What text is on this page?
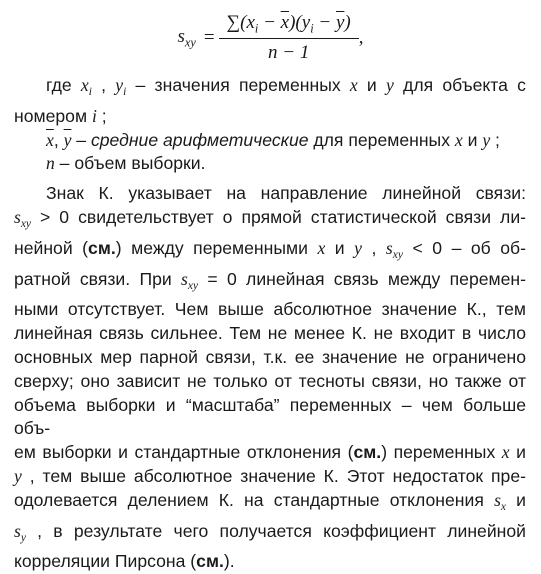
$s_{xy} = \frac{\sum(x_i - \overline{x})(y_i - \overline{y})}{n - 1}$ ,

где $x_i$ , $y_i$ – значения переменных x и y для объекта с

номером i ;

$\overline{x}$, $\overline{y}$ – средние арифметические для переменных x и y ;

n – объем выборки.

Знак К. указывает на направление линейной связи:

$s_{xy} > 0$ свидетельствует о прямой статистической связи ли-

нейной (см.) между переменными x и y , $s_{xy} < 0$ – об об-

ратной связи. При $s_{xy} = 0$ линейная связь между перемен-

ными отсутствует. Чем выше абсолютное значение К., тем

линейная связь сильнее. Тем не менее К. не входит в число

основных мер парной связи, т.к. ее значение не ограничено

сверху; оно зависит не только от тесноты связи, но также от

объема выборки и “масштаба” переменных – чем больше объ-

ем выборки и стандартные отклонения (см.) переменных x и

y , тем выше абсолютное значение К. Этот недостаток пре-

одолевается делением К. на стандартные отклонения $s_x$ и

$s_y$ , в результате чего получается коэффициент линейной

корреляции Пирсона (см.).
